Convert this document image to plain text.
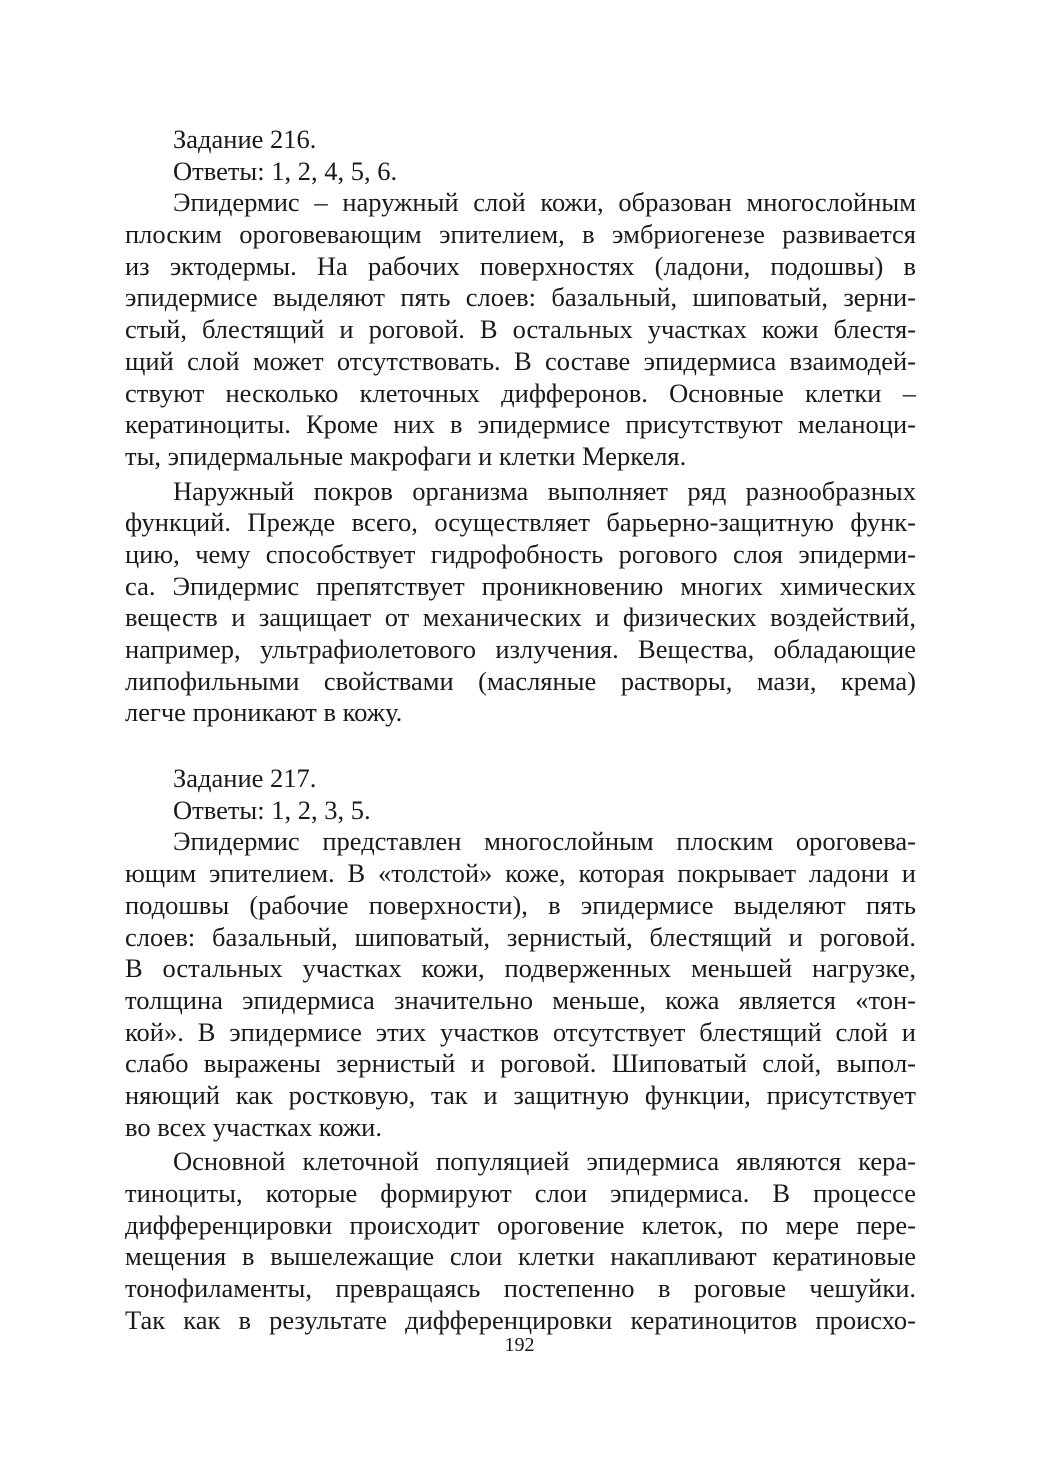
Задание 216.
Ответы: 1, 2, 4, 5, 6.
Эпидермис – наружный слой кожи, образован многослойным
плоским ороговевающим эпителием, в эмбриогенезе развивается
из эктодермы. На рабочих поверхностях (ладони, подошвы) в
эпидермисе выделяют пять слоев: базальный, шиповатый, зерни-
стый, блестящий и роговой. В остальных участках кожи блестя-
щий слой может отсутствовать. В составе эпидермиса взаимодей-
ствуют несколько клеточных дифферонов. Основные клетки –
кератиноциты. Кроме них в эпидермисе присутствуют меланоци-
ты, эпидермальные макрофаги и клетки Меркеля.
Наружный покров организма выполняет ряд разнообразных
функций. Прежде всего, осуществляет барьерно-защитную функ-
цию, чему способствует гидрофобность рогового слоя эпидерми-
са. Эпидермис препятствует проникновению многих химических
веществ и защищает от механических и физических воздействий,
например, ультрафиолетового излучения. Вещества, обладающие
липофильными свойствами (масляные растворы, мази, крема)
легче проникают в кожу.
Задание 217.
Ответы: 1, 2, 3, 5.
Эпидермис представлен многослойным плоским ороговева-
ющим эпителием. В «толстой» коже, которая покрывает ладони и
подошвы (рабочие поверхности), в эпидермисе выделяют пять
слоев: базальный, шиповатый, зернистый, блестящий и роговой.
В остальных участках кожи, подверженных меньшей нагрузке,
толщина эпидермиса значительно меньше, кожа является «тон-
кой». В эпидермисе этих участков отсутствует блестящий слой и
слабо выражены зернистый и роговой. Шиповатый слой, выпол-
няющий как ростковую, так и защитную функции, присутствует
во всех участках кожи.
Основной клеточной популяцией эпидермиса являются кера-
тиноциты, которые формируют слои эпидермиса. В процессе
дифференцировки происходит ороговение клеток, по мере пере-
мещения в вышележащие слои клетки накапливают кератиновые
тонофиламенты, превращаясь постепенно в роговые чешуйки.
Так как в результате дифференцировки кератиноцитов происхо-
192
